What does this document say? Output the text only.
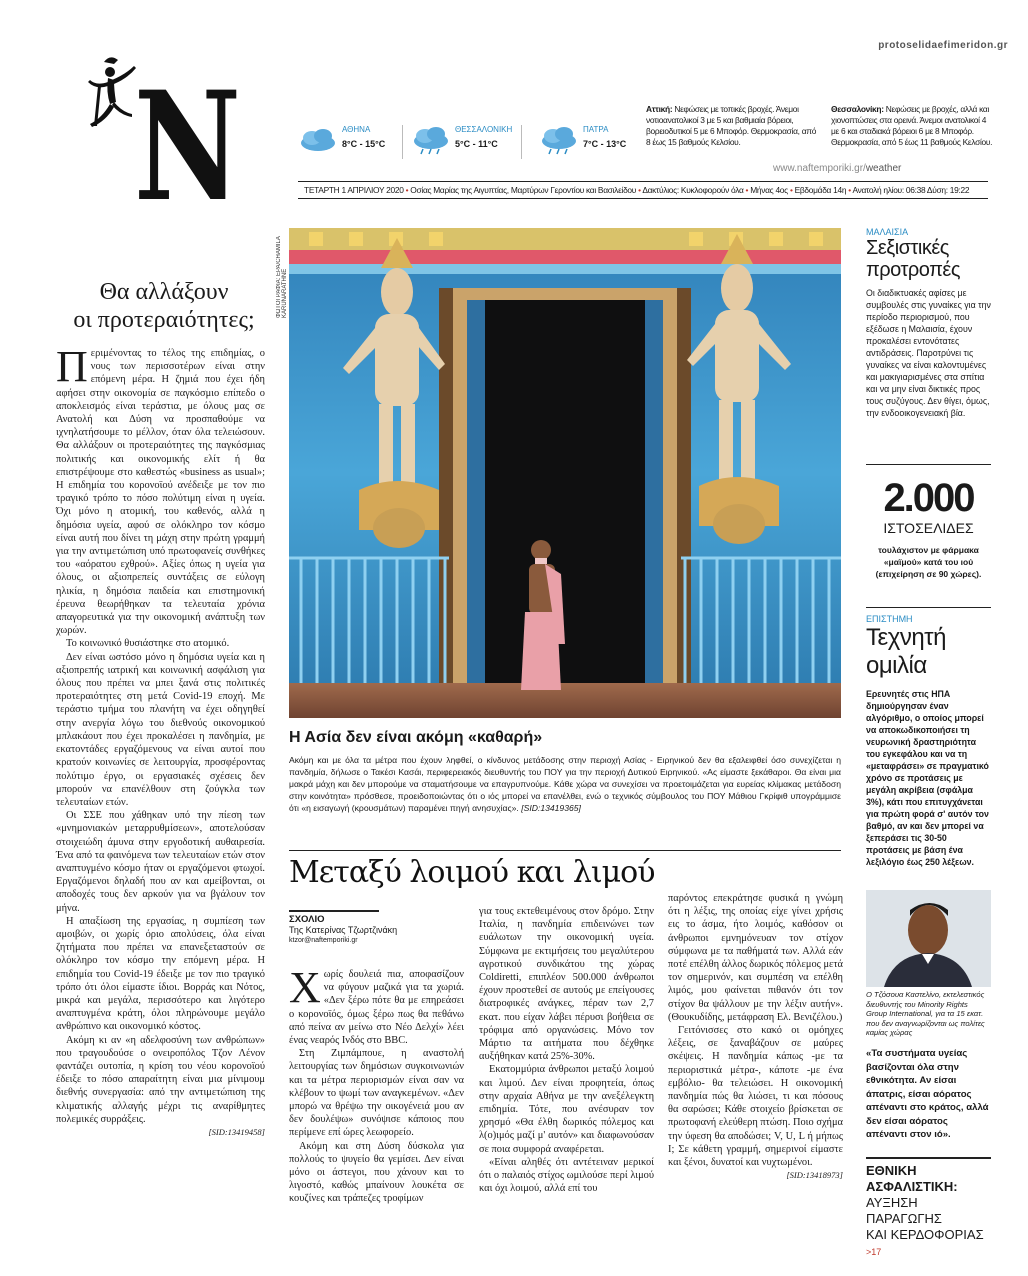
protoselidaefimeridon.gr
N	ΑΘΗΝΑ
8°C - 15°C
ΘΕΣΣΑΛΟΝΙΚΗ
5°C - 11°C
ΠΑΤΡΑ
7°C - 13°C
Αττική: Νεφώσεις με τοπικές βροχές. Άνεμοι νοτιοανατολικοί 3 με 5 και βαθμιαία βόρειοι, βορειοδυτικοί 5 με 6 Μποφόρ. Θερμοκρασία, από 8 έως 15 βαθμούς Κελσίου.
Θεσσαλονίκη: Νεφώσεις με βροχές, αλλά και χιονοπτώσεις στα ορεινά. Άνεμοι ανατολικοί 4 με 6 και σταδιακά βόρειοι 6 με 8 Μποφόρ. Θερμοκρασία, από 5 έως 11 βαθμούς Κελσίου.
www.naftemporiki.gr/weather
ΤΕΤΑΡΤΗ 1 ΑΠΡΙΛΙΟΥ 2020 • Οσίας Μαρίας της Αιγυπτίας, Μαρτύρων Γεροντίου και Βασιλείδου • Δακτύλιος: Κυκλοφορούν όλα • Μήνας 4ος • Εβδομάδα 14η • Ανατολή ηλίου: 06:38 Δύση: 19:22
Θα αλλάξουν
οι προτεραιότητες;

Περιμένοντας το τέλος της επιδημίας, ο νους των περισσοτέρων είναι στην επόμενη μέρα. Η ζημιά που έχει ήδη αφήσει στην οικονομία σε παγκόσμιο επίπεδο ο αποκλεισμός είναι τεράστια, με όλους μας σε Ανατολή και Δύση να προσπαθούμε να ιχνηλατήσουμε το μέλλον, όταν όλα τελειώσουν. Θα αλλάξουν οι προτεραιότητες της παγκόσμιας πολιτικής και οικονομικής ελίτ ή θα επιστρέψουμε στο καθεστώς «business as usual»; Η επιδημία του κορονοϊού ανέδειξε με τον πιο τραγικό τρόπο το πόσο πολύτιμη είναι η υγεία. Όχι μόνο η ατομική, του καθενός, αλλά η δημόσια υγεία, αφού σε ολόκληρο τον κόσμο είναι αυτή που δίνει τη μάχη στην πρώτη γραμμή για την αντιμετώπιση υπό πρωτοφανείς συνθήκες του «αόρατου εχθρού». Αξίες όπως η υγεία για όλους, οι αξιοπρεπείς συντάξεις σε εύλογη ηλικία, η δημόσια παιδεία και επιστημονική έρευνα θεωρήθηκαν τα τελευταία χρόνια απαγορευτικά για την οικονομική ανάπτυξη των χωρών.

Το κοινωνικό θυσιάστηκε στο ατομικό.

Δεν είναι ωστόσο μόνο η δημόσια υγεία και η αξιοπρεπής ιατρική και κοινωνική ασφάλιση για όλους που πρέπει να μπει ξανά στις πολιτικές προτεραιότητες στη μετά Covid-19 εποχή. Με τεράστιο τμήμα του πλανήτη να έχει οδηγηθεί στην ανεργία λόγω του διεθνούς οικονομικού μπλακάουτ που έχει προκαλέσει η πανδημία, με εκατοντάδες εργαζόμενους να είναι αυτοί που κρατούν κοινωνίες σε λειτουργία, προσφέροντας πολύτιμο έργο, οι εργασιακές σχέσεις δεν μπορούν να επανέλθουν στη ζούγκλα των τελευταίων ετών.

Οι ΣΣΕ που χάθηκαν υπό την πίεση των «μνημονιακών μεταρρυθμίσεων», αποτελούσαν στοιχειώδη άμυνα στην εργοδοτική αυθαιρεσία. Ένα από τα φαινόμενα των τελευταίων ετών στον αναπτυγμένο κόσμο ήταν οι εργαζόμενοι φτωχοί. Εργαζόμενοι δηλαδή που αν και αμείβονται, οι αποδοχές τους δεν αρκούν για να βγάλουν τον μήνα.

Η απαξίωση της εργασίας, η συμπίεση των αμοιβών, οι χωρίς όριο απολύσεις, όλα είναι ζητήματα που πρέπει να επανεξεταστούν σε ολόκληρο τον κόσμο την επόμενη μέρα. Η επιδημία του Covid-19 έδειξε με τον πιο τραγικό τρόπο ότι όλοι είμαστε ίδιοι. Βορράς και Νότος, μικρά και μεγάλα, περισσότερο και λιγότερο αναπτυγμένα κράτη, όλοι πληρώνουμε μεγάλο ανθρώπινο και οικονομικό κόστος.

Ακόμη κι αν «η αδελφοσύνη των ανθρώπων» που τραγουδούσε ο ονειροπόλος Τζον Λένον φαντάζει ουτοπία, η κρίση του νέου κορονοϊού έδειξε το πόσο απαραίτητη είναι μια μίνιμουμ διεθνής συνεργασία: από την αντιμετώπιση της κλιματικής αλλαγής μέχρι τις αναρίθμητες πολεμικές συρράξεις.

[SID:13419458]

ΦΩΤΟΓΡΑΦΙΑ: EPA/CHAMILA KARUNARATHNE
Η Ασία δεν είναι ακόμη «καθαρή»
Ακόμη και με όλα τα μέτρα που έχουν ληφθεί, ο κίνδυνος μετάδοσης στην περιοχή Ασίας - Ειρηνικού δεν θα εξαλειφθεί όσο συνεχίζεται η πανδημία, δήλωσε ο Τακέσι Κασάι, περιφερειακός διευθυντής του ΠΟΥ για την περιοχή Δυτικού Ειρηνικού. «Ας είμαστε ξεκάθαροι. Θα είναι μια μακρά μάχη και δεν μπορούμε να σταματήσουμε να επαγρυπνούμε. Κάθε χώρα να συνεχίσει να προετοιμάζεται για ευρείας κλίμακας μετάδοση στην κοινότητα» πρόσθεσε, προειδοποιώντας ότι ο ιός μπορεί να επανέλθει, ενώ ο τεχνικός σύμβουλος του ΠΟΥ Μάθιου Γκρίφιθ υπογράμμισε ότι «η εισαγωγή (κρουσμάτων) παραμένει πηγή ανησυχίας». [SID:13419365]
Μεταξύ λοιμού και λιμού
ΣΧΟΛΙΟ
Της Κατερίνας Τζωρτζινάκη
ktzor@naftemporiki.gr

Χωρίς δουλειά πια, αποφασίζουν να φύγουν μαζικά για τα χωριά. «Δεν ξέρω πότε θα με επηρεάσει ο κορονοϊός, όμως ξέρω πως θα πεθάνω από πείνα αν μείνω στο Νέο Δελχί» λέει ένας νεαρός Ινδός στο BBC.

Στη Ζιμπάμπουε, η αναστολή λειτουργίας των δημόσιων συγκοινωνιών και τα μέτρα περιορισμών είναι σαν να κλέβουν το ψωμί των αναγκεμένων. «Δεν μπορώ να θρέψω την οικογένειά μου αν δεν δουλέψω» συνόψισε κάποιος που περίμενε επί ώρες λεωφορείο.

Ακόμη και στη Δύση δύσκολα για πολλούς το ψυγείο θα γεμίσει. Δεν είναι μόνο οι άστεγοι, που χάνουν και το λιγοστό, καθώς μπαίνουν λουκέτα σε κουζίνες και τράπεζες τροφίμων

για τους εκτεθειμένους στον δρόμο. Στην Ιταλία, η πανδημία επιδεινώνει των ευάλωτων την οικονομική υγεία. Σύμφωνα με εκτιμήσεις του μεγαλύτερου αγροτικού συνδικάτου της χώρας Coldiretti, επιπλέον 500.000 άνθρωποι έχουν προστεθεί σε αυτούς με επείγουσες διατροφικές ανάγκες, πέραν των 2,7 εκατ. που είχαν λάβει πέρυσι βοήθεια σε τρόφιμα από οργανώσεις. Μόνο τον Μάρτιο τα αιτήματα που δέχθηκε αυξήθηκαν κατά 25%-30%.

Εκατομμύρια άνθρωποι μεταξύ λοιμού και λιμού. Δεν είναι προφητεία, όπως στην αρχαία Αθήνα με την ανεξέλεγκτη επιδημία. Τότε, που ανέσυραν τον χρησμό «Θα έλθη δωρικός πόλεμος και λ(ο)ιμός μαζί μ' αυτόν» και διαφωνούσαν σε ποια συμφορά αναφέρεται.

«Είναι αληθές ότι αντέτειναν μερικοί ότι ο παλαιός στίχος ωμιλούσε περί λιμού και όχι λοιμού, αλλά επί του

παρόντος επεκράτησε φυσικά η γνώμη ότι η λέξις, της οποίας είχε γίνει χρήσις εις το άσμα, ήτο λοιμός, καθόσον οι άνθρωποι εμνημόνευαν τον στίχον σύμφωνα με τα παθήματά των. Αλλά εάν ποτέ επέλθη άλλος δωρικός πόλεμος μετά τον σημερινόν, και συμπέση να επέλθη λιμός, μου φαίνεται πιθανόν ότι τον στίχον θα ψάλλουν με την λέξιν αυτήν». (Θουκυδίδης, μετάφραση Ελ. Βενιζέλου.)

Γειτόνισσες στο κακό οι ομόηχες λέξεις, σε ξαναβάζουν σε μαύρες σκέψεις. Η πανδημία κάπως -με τα περιοριστικά μέτρα-, κάποτε -με ένα εμβόλιο- θα τελειώσει. Η οικονομική πανδημία πώς θα λιώσει, τι και πόσους θα σαρώσει; Κάθε στοιχείο βρίσκεται σε πρωτοφανή ελεύθερη πτώση. Ποιο σχήμα την ύφεση θα αποδώσει; V, U, L ή μήπως I; Σε κάθετη γραμμή, σημερινοί είμαστε και ξένοι, δυνατοί και νυχτωμένοι.

[SID:13418973]

ΜΑΛΑΙΣΙΑ
Σεξιστικές προτροπές
Οι διαδικτυακές αφίσες με συμβουλές στις γυναίκες για την περίοδο περιορισμού, που εξέδωσε η Μαλαισία, έχουν προκαλέσει εντονότατες αντιδράσεις. Παροτρύνει τις γυναίκες να είναι καλοντυμένες και μακιγιαρισμένες στα σπίτια και να μην είναι δικτικές προς τους συζύγους. Δεν θίγει, όμως, την ενδοοικογενειακή βία.
2.000
ΙΣΤΟΣΕΛΙΔΕΣ
τουλάχιστον με φάρμακα «μαϊμού» κατά του ιού (επιχείρηση σε 90 χώρες).
ΕΠΙΣΤΗΜΗ
Τεχνητή ομιλία
Ερευνητές στις ΗΠΑ δημιούργησαν έναν αλγόριθμο, ο οποίος μπορεί να αποκωδικοποιήσει τη νευρωνική δραστηριότητα του εγκεφάλου και να τη «μεταφράσει» σε πραγματικό χρόνο σε προτάσεις με μεγάλη ακρίβεια (σφάλμα 3%), κάτι που επιτυγχάνεται για πρώτη φορά σ' αυτόν τον βαθμό, αν και δεν μπορεί να ξεπεράσει τις 30-50 προτάσεις με βάση ένα λεξιλόγιο έως 250 λέξεων.
Ο Τζόσουα Καστελίνο, εκτελεστικός διευθυντής του Minority Rights Group International, για τα 15 εκατ. που δεν αναγνωρίζονται ως πολίτες καμίας χώρας
«Τα συστήματα υγείας βασίζονται όλα στην εθνικότητα. Αν είσαι άπατρις, είσαι αόρατος απέναντι στο κράτος, αλλά δεν είσαι αόρατος απέναντι στον ιό».
ΕΘΝΙΚΗ ΑΣΦΑΛΙΣΤΙΚΗ:
ΑΥΞΗΣΗ ΠΑΡΑΓΩΓΗΣ
ΚΑΙ ΚΕΡΔΟΦΟΡΙΑΣ >17
